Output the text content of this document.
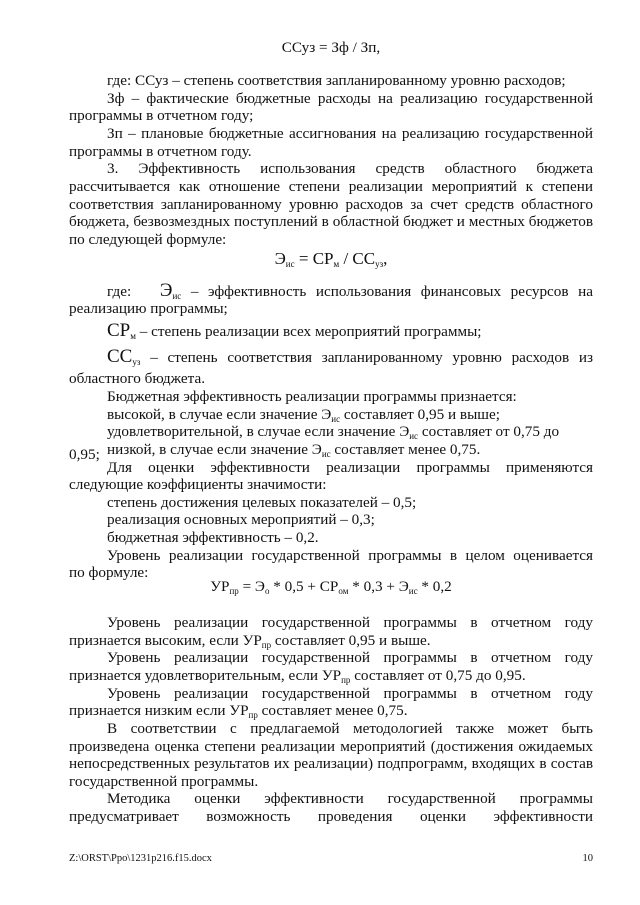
ССуз = Зф / Зп,
где: ССуз – степень соответствия запланированному уровню расходов;
Зф – фактические бюджетные расходы на реализацию государственной
программы в отчетном году;
Зп – плановые бюджетные ассигнования на реализацию государственной
программы в отчетном году.
3. Эффективность использования средств областного бюджета
рассчитывается как отношение степени реализации мероприятий к степени
соответствия запланированному уровню расходов за счет средств областного
бюджета, безвозмездных поступлений в областной бюджет и местных бюджетов
по следующей формуле:
$Э_{ис} = СР_м / СС_{уз}$,
где: $Э_{ис}$ – эффективность использования финансовых ресурсов на
реализацию программы;
$СР_м$ – степень реализации всех мероприятий программы;
$СС_{уз}$ – степень соответствия запланированному уровню расходов из
областного бюджета.
Бюджетная эффективность реализации программы признается:
высокой, в случае если значение $Э_{ис}$ составляет 0,95 и выше;
удовлетворительной, в случае если значение $Э_{ис}$ составляет от 0,75 до 0,95; низкой, в случае если значение $Э_{ис}$ составляет менее 0,75.
Для оценки эффективности реализации программы применяются
следующие коэффициенты значимости:
степень достижения целевых показателей – 0,5;
реализация основных мероприятий – 0,3;
бюджетная эффективность – 0,2.
Уровень реализации государственной программы в целом оценивается
по формуле:
$УР_{пр} = Э_о * 0,5 + СР_{ом} * 0,3 + Э_{ис} * 0,2$
Уровень реализации государственной программы в отчетном году
признается высоким, если $УР_{пр}$ составляет 0,95 и выше.
Уровень реализации государственной программы в отчетном году
признается удовлетворительным, если $УР_{пр}$ составляет от 0,75 до 0,95.
Уровень реализации государственной программы в отчетном году
признается низким если $УР_{пр}$ составляет менее 0,75.
В соответствии с предлагаемой методологией также может быть
произведена оценка степени реализации мероприятий (достижения ожидаемых
непосредственных результатов их реализации) подпрограмм, входящих в состав
государственной программы.
Методика оценки эффективности государственной программы
предусматривает возможность проведения оценки эффективности
Z:\ORST\Ppo\1231p216.f15.docx	10
